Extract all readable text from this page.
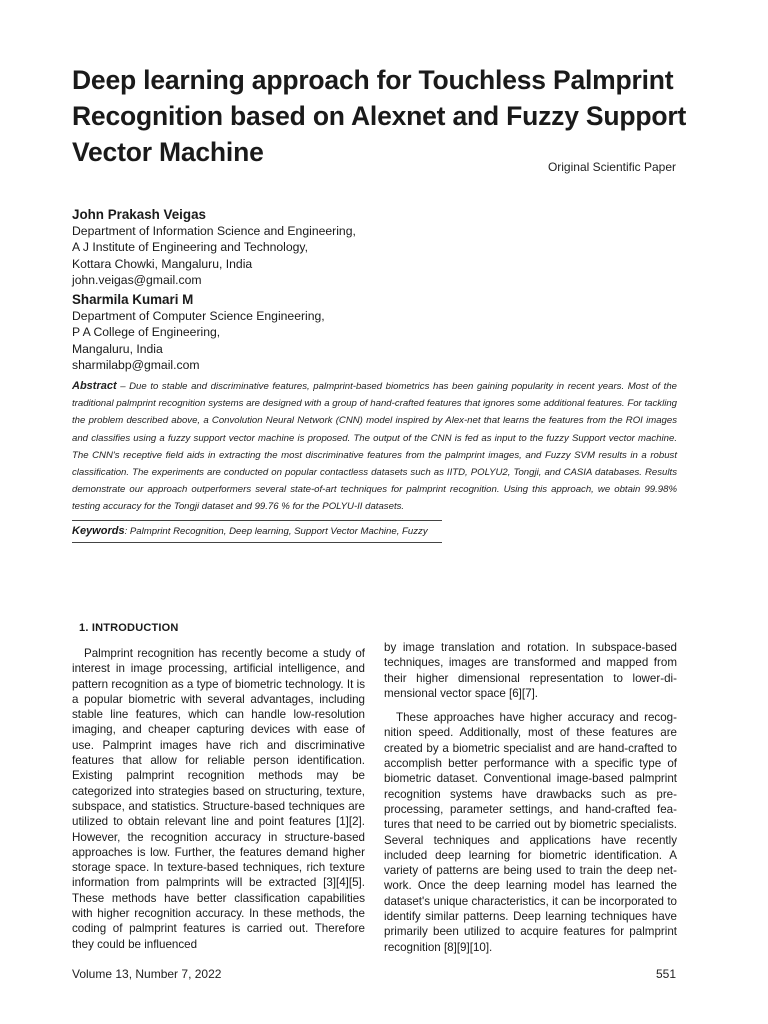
Deep learning approach for Touchless Palmprint Recognition based on Alexnet and Fuzzy Support Vector Machine	Original Scientific Paper
John Prakash Veigas
Department of Information Science and Engineering,
A J Institute of Engineering and Technology,
Kottara Chowki, Mangaluru, India
john.veigas@gmail.com
Sharmila Kumari M
Department of Computer Science Engineering,
P A College of Engineering,
Mangaluru, India
sharmilabp@gmail.com

Abstract – Due to stable and discriminative features, palmprint-based biometrics has been gaining popularity in recent years. Most of the traditional palmprint recognition systems are designed with a group of hand-crafted features that ignores some additional features. For tackling the problem described above, a Convolution Neural Network (CNN) model inspired by Alex-net that learns the features from the ROI images and classifies using a fuzzy support vector machine is proposed. The output of the CNN is fed as input to the fuzzy Support vector machine. The CNN's receptive field aids in extracting the most discriminative features from the palmprint images, and Fuzzy SVM results in a robust classification. The experiments are conducted on popular contactless datasets such as IITD, POLYU2, Tongji, and CASIA databases. Results demonstrate our approach outperformers several state-of-art techniques for palmprint recognition. Using this approach, we obtain 99.98% testing accuracy for the Tongji dataset and 99.76 % for the POLYU-II datasets.

Keywords: Palmprint Recognition, Deep learning, Support Vector Machine, Fuzzy
1. INTRODUCTION

Palmprint recognition has recently become a study of interest in image processing, artificial intelligence, and pattern recognition as a type of biometric technology. It is a popular biometric with several advantages, including stable line features, which can handle low-resolution imaging, and cheaper capturing devices with ease of use. Palmprint images have rich and discriminative features that allow for reliable person identification. Existing palmprint recognition methods may be categorized into strategies based on structuring, texture, subspace, and statistics. Structure-based techniques are utilized to obtain relevant line and point features [1][2]. However, the recognition accuracy in structure-based approaches is low. Further, the features demand higher storage space. In texture-based techniques, rich texture information from palmprints will be extracted [3][4][5]. These methods have better classification capabilities with higher recognition accuracy. In these methods, the coding of palmprint features is carried out. Therefore they could be influenced

by image translation and rotation. In subspace-based techniques, images are transformed and mapped from their higher dimensional representation to lower-dimensional vector space [6][7].

These approaches have higher accuracy and recognition speed. Additionally, most of these features are created by a biometric specialist and are hand-crafted to accomplish better performance with a specific type of biometric dataset. Conventional image-based palmprint recognition systems have drawbacks such as preprocessing, parameter settings, and hand-crafted features that need to be carried out by biometric specialists. Several techniques and applications have recently included deep learning for biometric identification. A variety of patterns are being used to train the deep network. Once the deep learning model has learned the dataset's unique characteristics, it can be incorporated to identify similar patterns. Deep learning techniques have primarily been utilized to acquire features for palmprint recognition [8][9][10].

Volume 13, Number 7, 2022	551
